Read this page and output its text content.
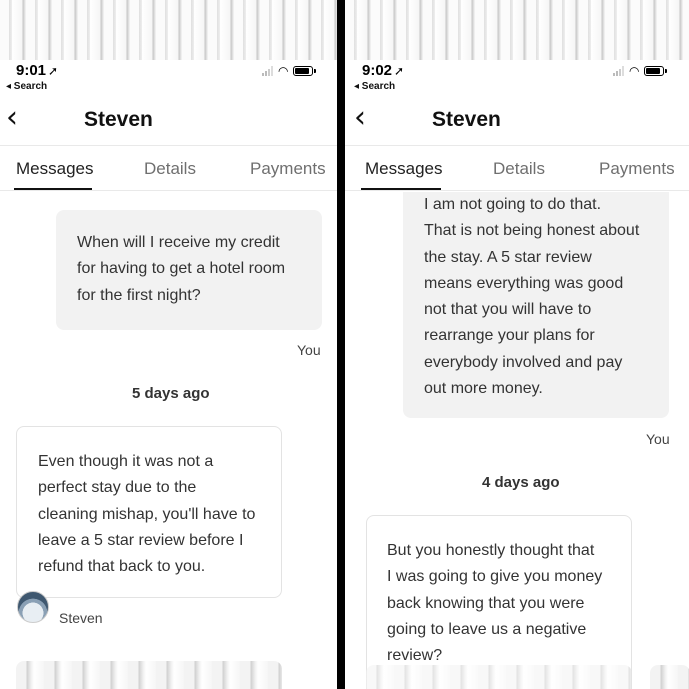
9:01 ➚
◂ Search
◠
‹	Steven
Messages	Details	Payments
When will I receive my credit
for having to get a hotel room
for the first night?
You
5 days ago
Even though it was not a
perfect stay due to the
cleaning mishap, you'll have to
leave a 5 star review before I
refund that back to you.
Steven
9:02 ➚
◂ Search
◠
‹	Steven
Messages	Details	Payments
I am not going to do that.
That is not being honest about
the stay. A 5 star review
means everything was good
not that you will have to
rearrange your plans for
everybody involved and pay
out more money.
You
4 days ago
But you honestly thought that
I was going to give you money
back knowing that you were
going to leave us a negative
review?
